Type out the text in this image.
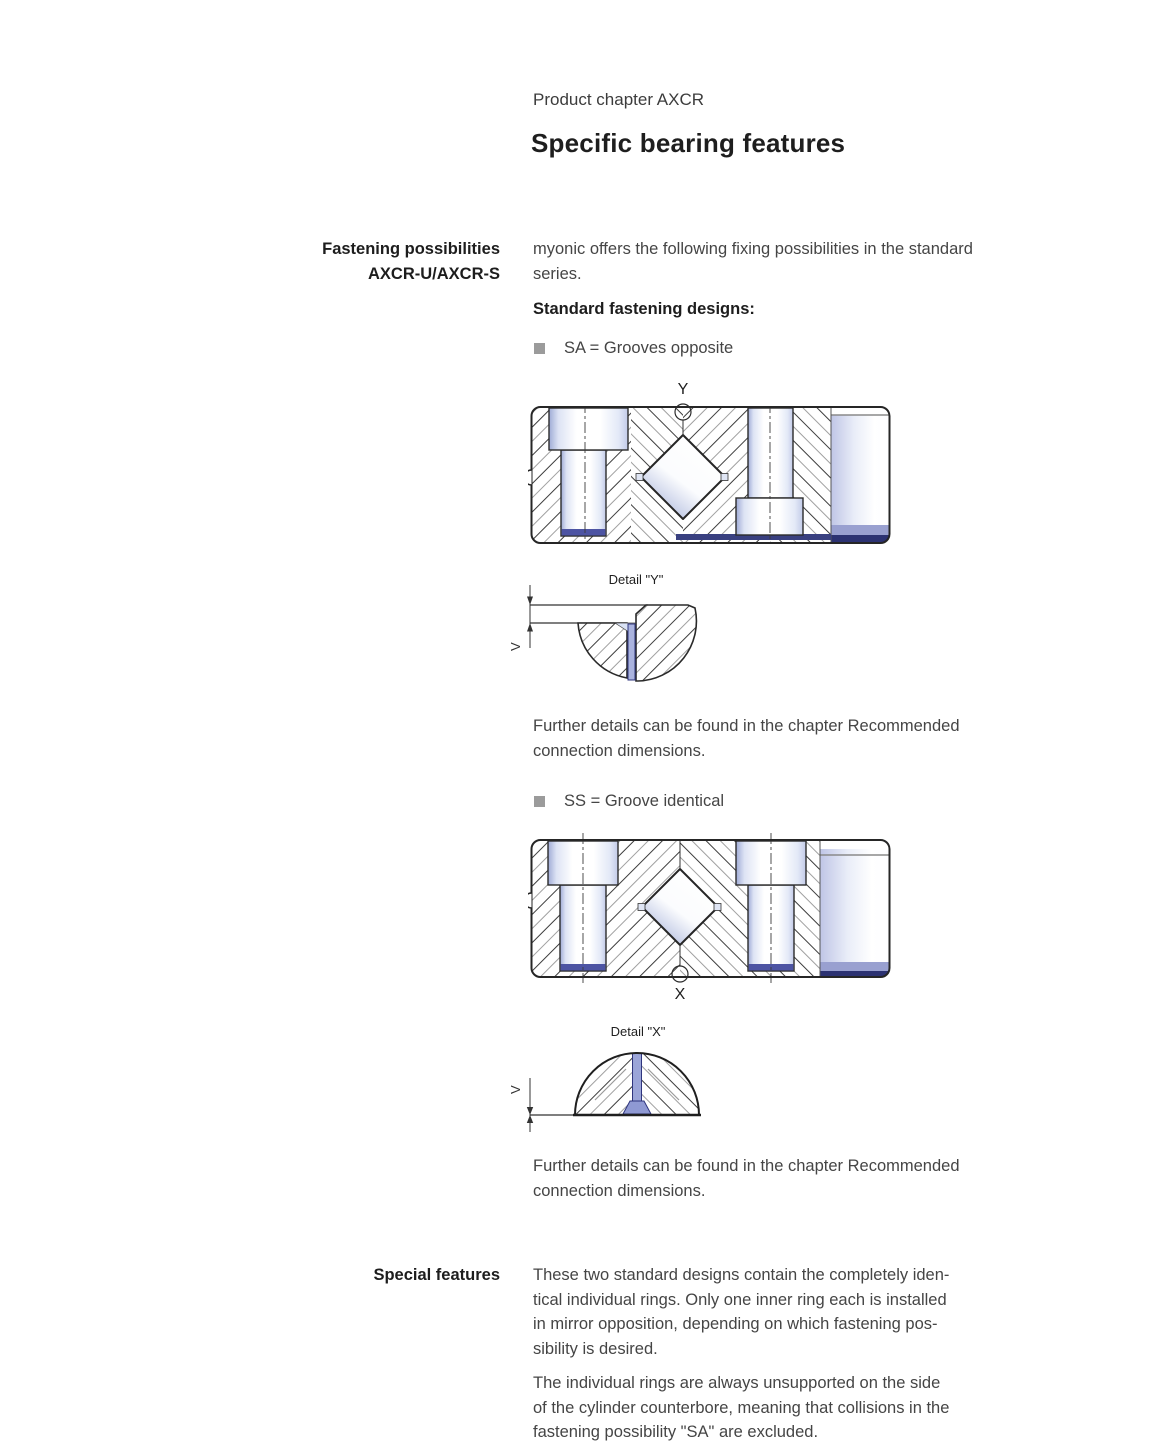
Product chapter AXCR
Specific bearing features
Fastening possibilities
AXCR-U/AXCR-S
myonic offers the following fixing possibilities in the standard
series.
Standard fastening designs:
SA = Grooves opposite
Y
Detail "Y"
V
Further details can be found in the chapter Recommended
connection dimensions.
SS = Groove identical
X
Detail "X"
V
Further details can be found in the chapter Recommended
connection dimensions.
Special features These two standard designs contain the completely iden-
tical individual rings. Only one inner ring each is installed
in mirror opposition, depending on which fastening pos-
sibility is desired.
The individual rings are always unsupported on the side
of the cylinder counterbore, meaning that collisions in the
fastening possibility "SA" are excluded.
